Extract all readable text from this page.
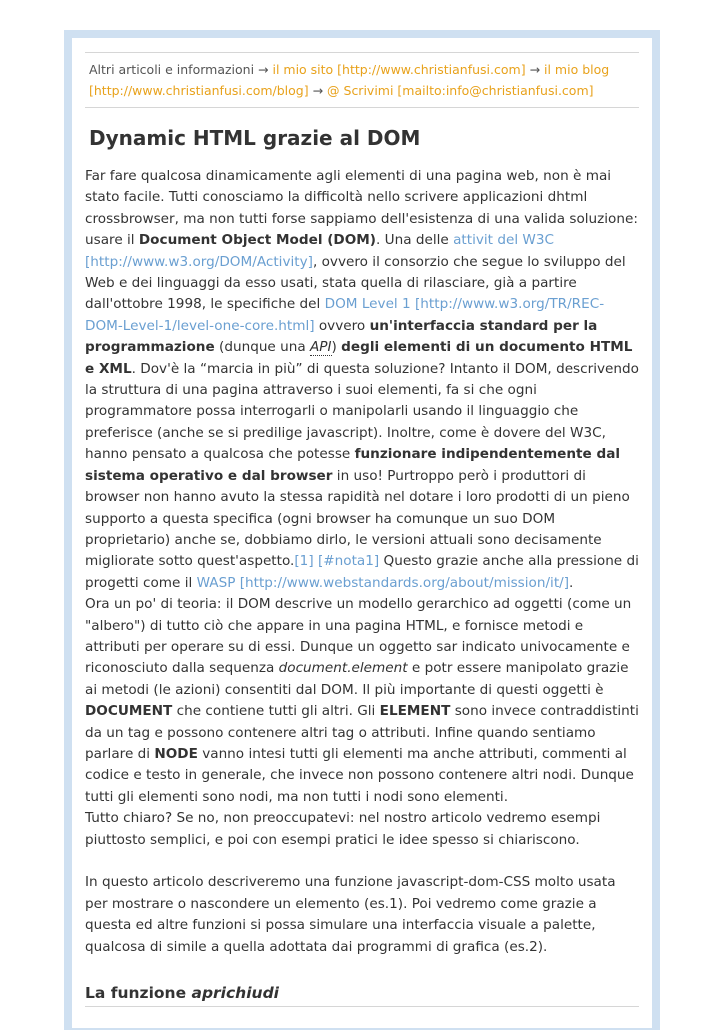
Altri articoli e informazioni → il mio sito [http://www.christianfusi.com] → il mio blog [http://www.christianfusi.com/blog] → @ Scrivimi [mailto:info@christianfusi.com]
Dynamic HTML grazie al DOM

Far fare qualcosa dinamicamente agli elementi di una pagina web, non è mai stato facile. Tutti conosciamo la difficoltà nello scrivere applicazioni dhtml crossbrowser, ma non tutti forse sappiamo dell'esistenza di una valida soluzione: usare il Document Object Model (DOM). Una delle attivit del W3C [http://www.w3.org/DOM/Activity], ovvero il consorzio che segue lo sviluppo del Web e dei linguaggi da esso usati, stata quella di rilasciare, già a partire dall'ottobre 1998, le specifiche del DOM Level 1 [http://www.w3.org/TR/REC-DOM-Level-1/level-one-core.html] ovvero un'interfaccia standard per la programmazione (dunque una API) degli elementi di un documento HTML e XML. Dov'è la “marcia in più” di questa soluzione? Intanto il DOM, descrivendo la struttura di una pagina attraverso i suoi elementi, fa si che ogni programmatore possa interrogarli o manipolarli usando il linguaggio che preferisce (anche se si predilige javascript). Inoltre, come è dovere del W3C, hanno pensato a qualcosa che potesse funzionare indipendentemente dal sistema operativo e dal browser in uso! Purtroppo però i produttori di browser non hanno avuto la stessa rapidità nel dotare i loro prodotti di un pieno supporto a questa specifica (ogni browser ha comunque un suo DOM proprietario) anche se, dobbiamo dirlo, le versioni attuali sono decisamente migliorate sotto quest'aspetto.[1] [#nota1] Questo grazie anche alla pressione di progetti come il WASP [http://www.webstandards.org/about/mission/it/].

Ora un po' di teoria: il DOM descrive un modello gerarchico ad oggetti (come un "albero") di tutto ciò che appare in una pagina HTML, e fornisce metodi e attributi per operare su di essi. Dunque un oggetto sar indicato univocamente e riconosciuto dalla sequenza document.element e potr essere manipolato grazie ai metodi (le azioni) consentiti dal DOM. Il più importante di questi oggetti è DOCUMENT che contiene tutti gli altri. Gli ELEMENT sono invece contraddistinti da un tag e possono contenere altri tag o attributi. Infine quando sentiamo parlare di NODE vanno intesi tutti gli elementi ma anche attributi, commenti al codice e testo in generale, che invece non possono contenere altri nodi. Dunque tutti gli elementi sono nodi, ma non tutti i nodi sono elementi.

Tutto chiaro? Se no, non preoccupatevi: nel nostro articolo vedremo esempi piuttosto semplici, e poi con esempi pratici le idee spesso si chiariscono.

In questo articolo descriveremo una funzione javascript-dom-CSS molto usata per mostrare o nascondere un elemento (es.1). Poi vedremo come grazie a questa ed altre funzioni si possa simulare una interfaccia visuale a palette, qualcosa di simile a quella adottata dai programmi di grafica (es.2).

La funzione aprichiudi
